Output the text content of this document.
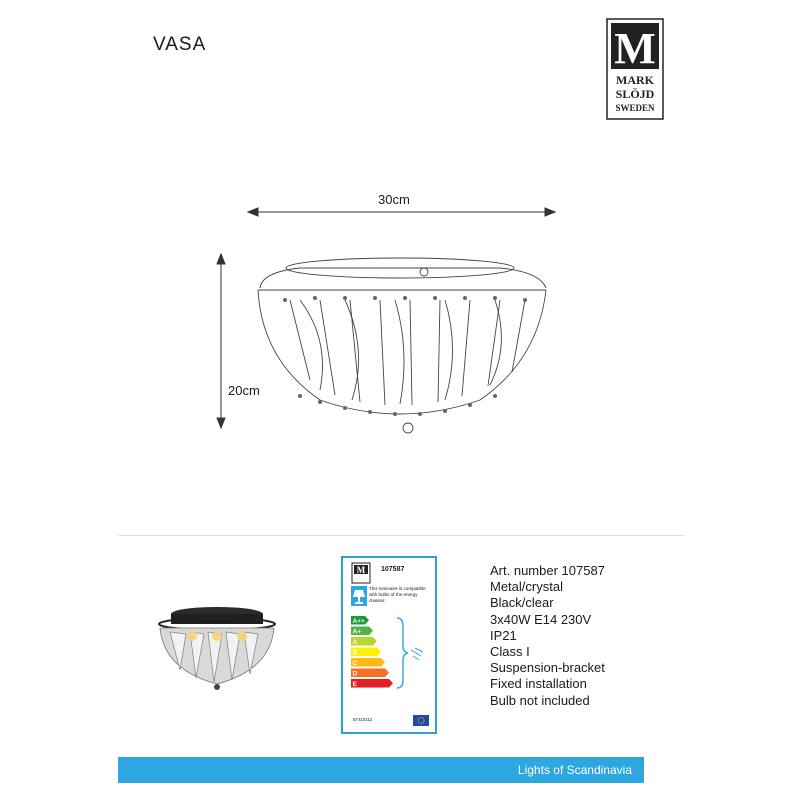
VASA	M
MARK
SLÖJD
SWEDEN
30cm
20cm
M 107587
This luminaire is compatible with bulbs of the energy classes:
A++
A+
A
B
C
D
E
874/2012
Art. number 107587
Metal/crystal
Black/clear
3x40W E14 230V
IP21
Class I
Suspension-bracket
Fixed installation
Bulb not included
Lights of Scandinavia
